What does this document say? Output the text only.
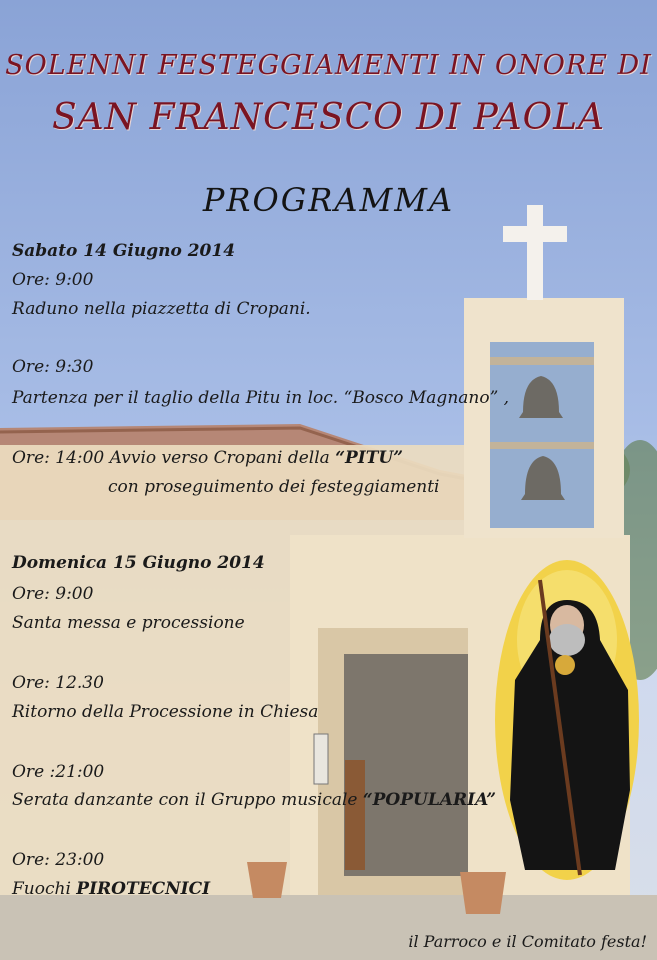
SOLENNI FESTEGGIAMENTI IN ONORE DI
SAN FRANCESCO DI PAOLA
PROGRAMMA
Sabato 14 Giugno 2014
Ore: 9:00
Raduno nella piazzetta di Cropani.
Ore: 9:30
Partenza per il taglio della Pitu in loc. “Bosco Magnano” ,
Ore: 14:00 Avvio verso Cropani della “PITU”
con proseguimento dei festeggiamenti
Domenica 15 Giugno 2014
Ore: 9:00
Santa messa e processione
Ore: 12.30
Ritorno della Processione in Chiesa
Ore :21:00
Serata danzante con il Gruppo musicale “POPULARIA”
Ore: 23:00
Fuochi PIROTECNICI
il Parroco e il Comitato festa!
